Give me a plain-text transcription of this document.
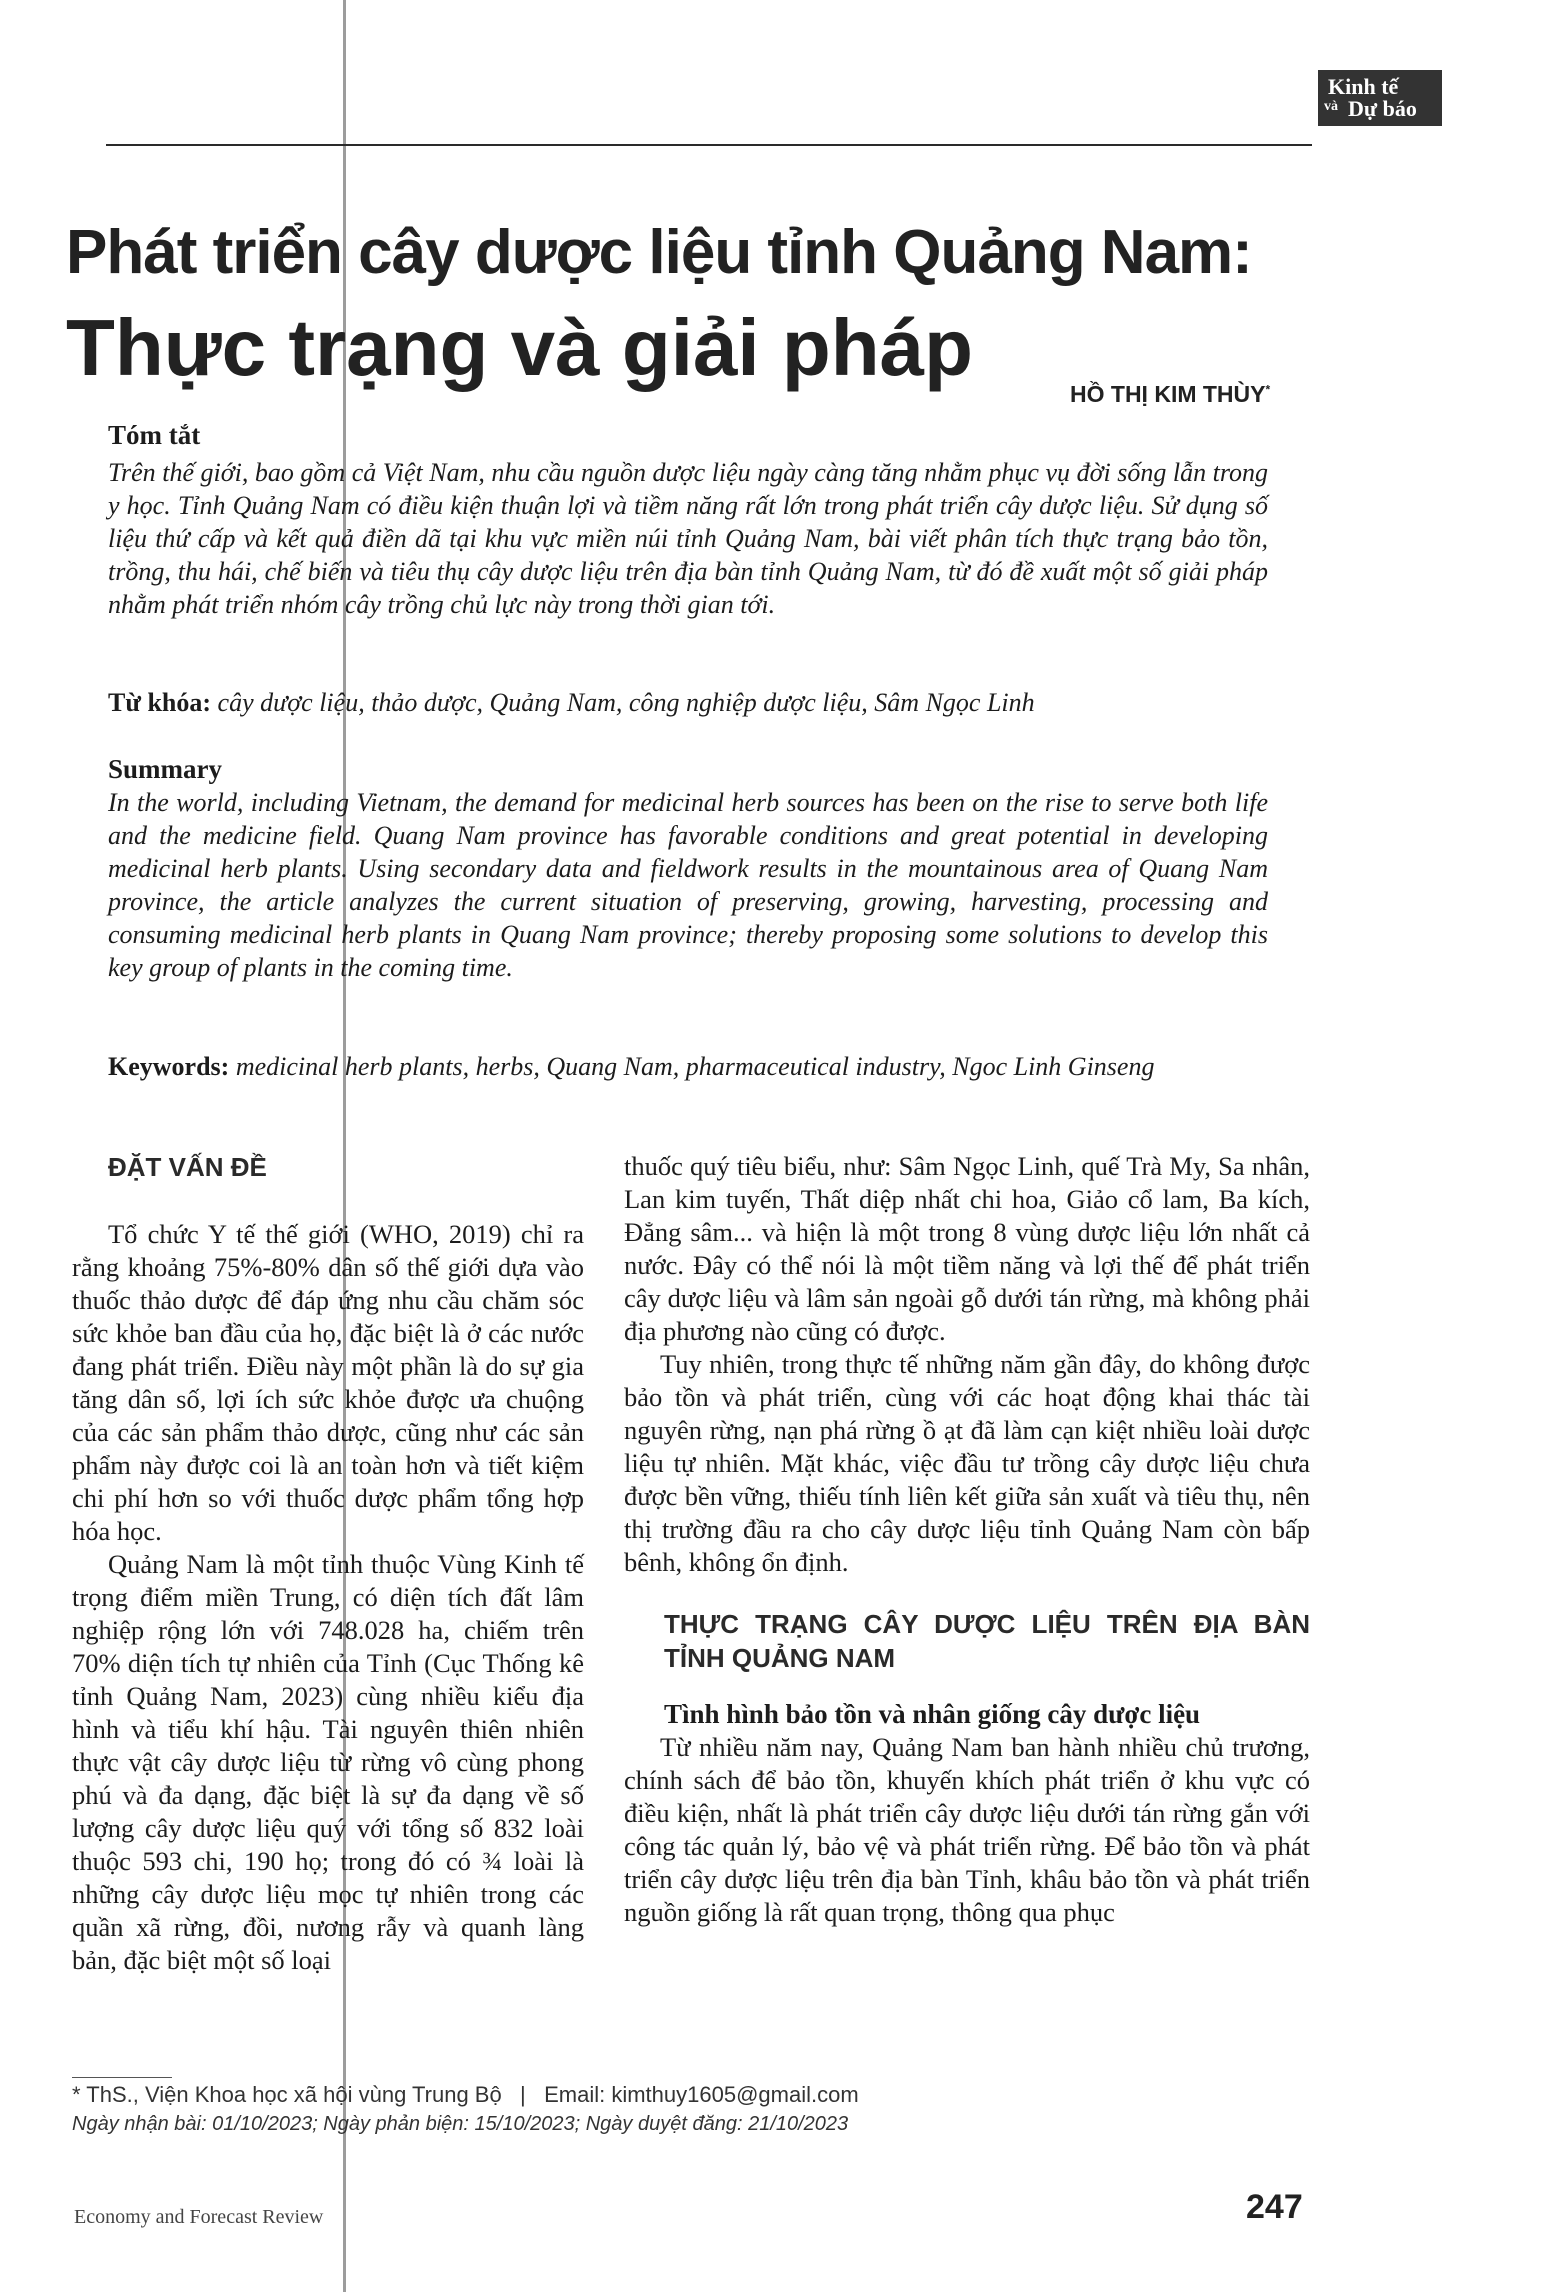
Kinh tế
và Dự báo
Phát triển cây dược liệu tỉnh Quảng Nam:
Thực trạng và giải pháp
HỒ THỊ KIM THÙY*
Tóm tắt
Trên thế giới, bao gồm cả Việt Nam, nhu cầu nguồn dược liệu ngày càng tăng nhằm phục vụ đời sống lẫn trong y học. Tỉnh Quảng Nam có điều kiện thuận lợi và tiềm năng rất lớn trong phát triển cây dược liệu. Sử dụng số liệu thứ cấp và kết quả điền dã tại khu vực miền núi tỉnh Quảng Nam, bài viết phân tích thực trạng bảo tồn, trồng, thu hái, chế biến và tiêu thụ cây dược liệu trên địa bàn tỉnh Quảng Nam, từ đó đề xuất một số giải pháp nhằm phát triển nhóm cây trồng chủ lực này trong thời gian tới.
Từ khóa: cây dược liệu, thảo dược, Quảng Nam, công nghiệp dược liệu, Sâm Ngọc Linh
Summary
In the world, including Vietnam, the demand for medicinal herb sources has been on the rise to serve both life and the medicine field. Quang Nam province has favorable conditions and great potential in developing medicinal herb plants. Using secondary data and fieldwork results in the mountainous area of Quang Nam province, the article analyzes the current situation of preserving, growing, harvesting, processing and consuming medicinal herb plants in Quang Nam province; thereby proposing some solutions to develop this key group of plants in the coming time.
Keywords: medicinal herb plants, herbs, Quang Nam, pharmaceutical industry, Ngoc Linh Ginseng
ĐẶT VẤN ĐỀ

Tổ chức Y tế thế giới (WHO, 2019) chỉ ra rằng khoảng 75%-80% dân số thế giới dựa vào thuốc thảo dược để đáp ứng nhu cầu chăm sóc sức khỏe ban đầu của họ, đặc biệt là ở các nước đang phát triển. Điều này một phần là do sự gia tăng dân số, lợi ích sức khỏe được ưa chuộng của các sản phẩm thảo dược, cũng như các sản phẩm này được coi là an toàn hơn và tiết kiệm chi phí hơn so với thuốc dược phẩm tổng hợp hóa học.

Quảng Nam là một tỉnh thuộc Vùng Kinh tế trọng điểm miền Trung, có diện tích đất lâm nghiệp rộng lớn với 748.028 ha, chiếm trên 70% diện tích tự nhiên của Tỉnh (Cục Thống kê tỉnh Quảng Nam, 2023) cùng nhiều kiểu địa hình và tiểu khí hậu. Tài nguyên thiên nhiên thực vật cây dược liệu từ rừng vô cùng phong phú và đa dạng, đặc biệt là sự đa dạng về số lượng cây dược liệu quý với tổng số 832 loài thuộc 593 chi, 190 họ; trong đó có ¾ loài là những cây dược liệu mọc tự nhiên trong các quần xã rừng, đồi, nương rẫy và quanh làng bản, đặc biệt một số loại

thuốc quý tiêu biểu, như: Sâm Ngọc Linh, quế Trà My, Sa nhân, Lan kim tuyến, Thất diệp nhất chi hoa, Giảo cổ lam, Ba kích, Đẳng sâm... và hiện là một trong 8 vùng dược liệu lớn nhất cả nước. Đây có thể nói là một tiềm năng và lợi thế để phát triển cây dược liệu và lâm sản ngoài gỗ dưới tán rừng, mà không phải địa phương nào cũng có được.

Tuy nhiên, trong thực tế những năm gần đây, do không được bảo tồn và phát triển, cùng với các hoạt động khai thác tài nguyên rừng, nạn phá rừng ồ ạt đã làm cạn kiệt nhiều loài dược liệu tự nhiên. Mặt khác, việc đầu tư trồng cây dược liệu chưa được bền vững, thiếu tính liên kết giữa sản xuất và tiêu thụ, nên thị trường đầu ra cho cây dược liệu tỉnh Quảng Nam còn bấp bênh, không ổn định.

THỰC TRẠNG CÂY DƯỢC LIỆU TRÊN ĐỊA BÀN TỈNH QUẢNG NAM
Tình hình bảo tồn và nhân giống cây dược liệu

Từ nhiều năm nay, Quảng Nam ban hành nhiều chủ trương, chính sách để bảo tồn, khuyến khích phát triển ở khu vực có điều kiện, nhất là phát triển cây dược liệu dưới tán rừng gắn với công tác quản lý, bảo vệ và phát triển rừng. Để bảo tồn và phát triển cây dược liệu trên địa bàn Tỉnh, khâu bảo tồn và phát triển nguồn giống là rất quan trọng, thông qua phục

* ThS., Viện Khoa học xã hội vùng Trung Bộ | Email: kimthuy1605@gmail.com
Ngày nhận bài: 01/10/2023; Ngày phản biện: 15/10/2023; Ngày duyệt đăng: 21/10/2023
Economy and Forecast Review	247
